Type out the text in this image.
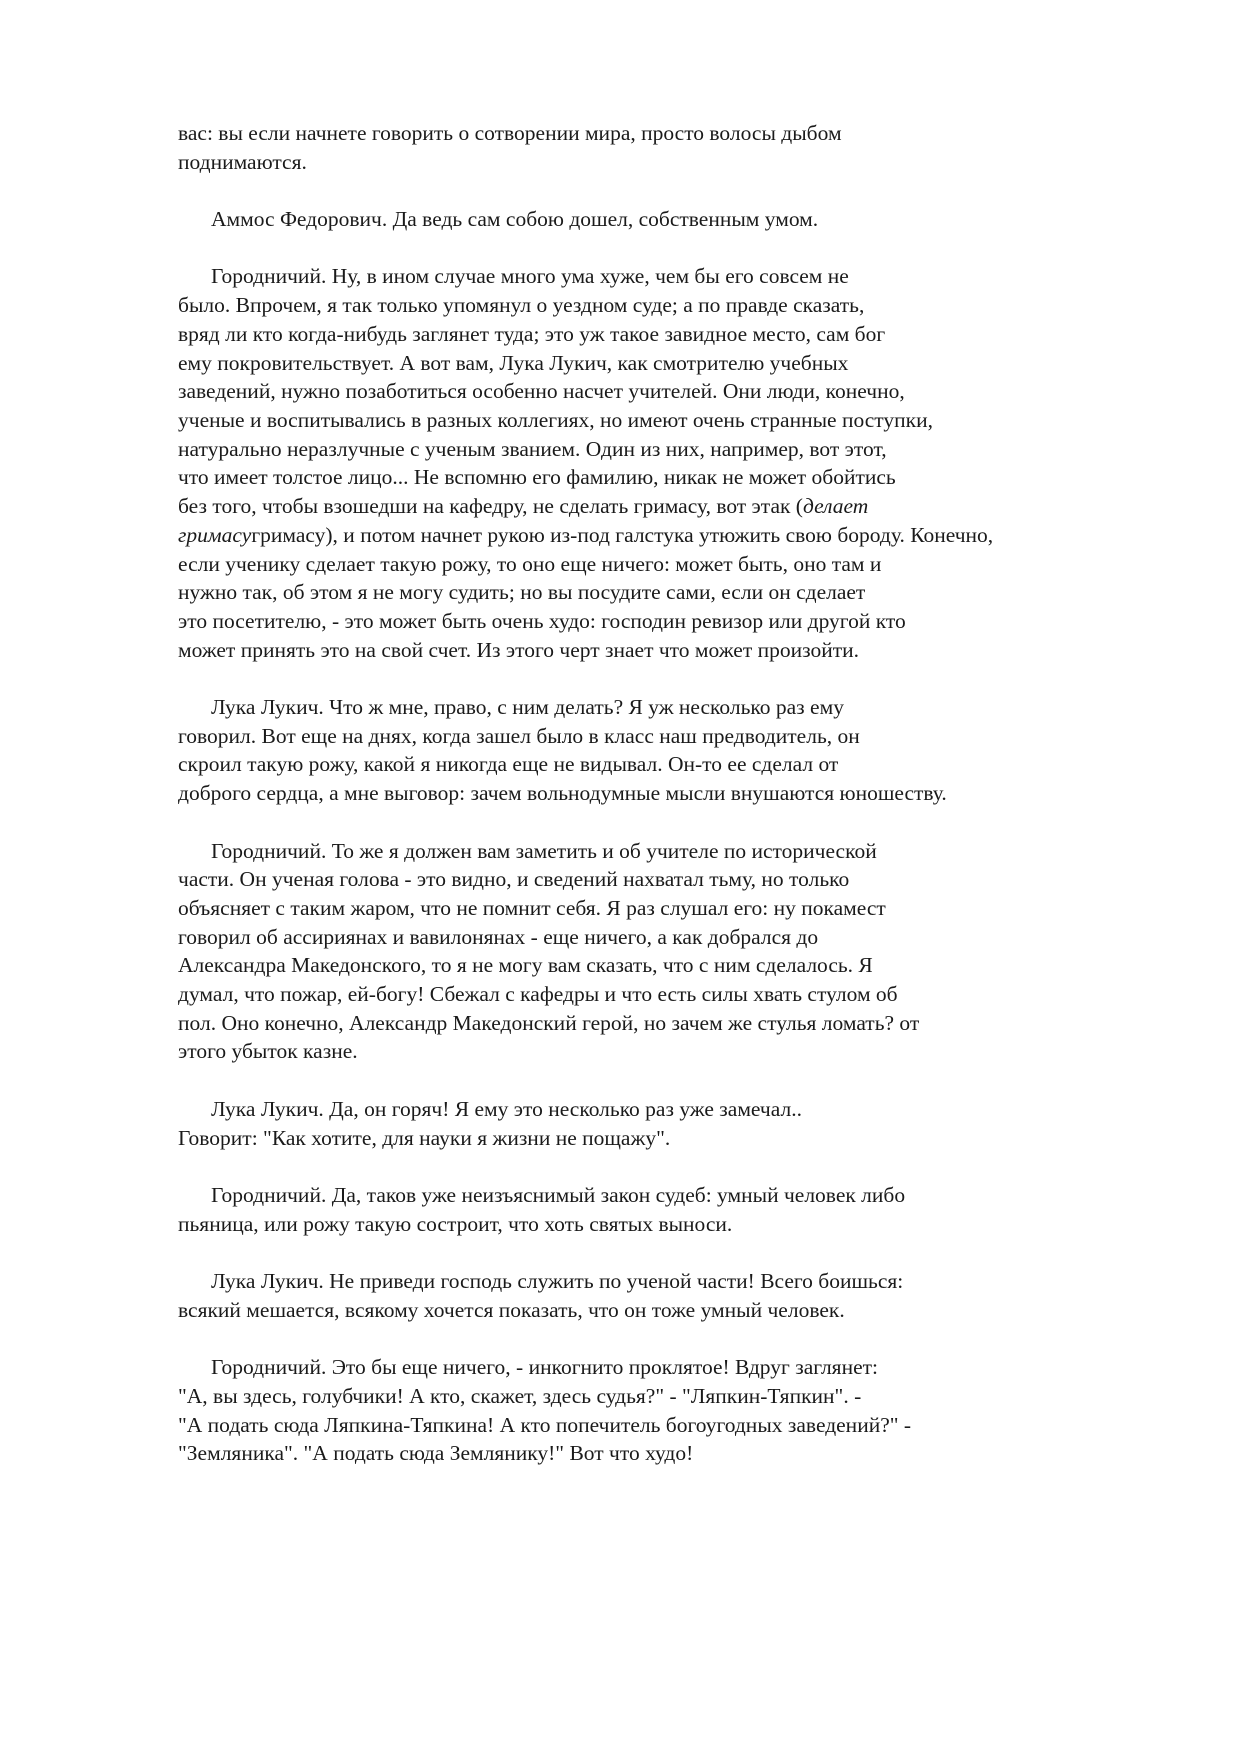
вас: вы если начнете говорить о сотворении мира, просто волосы дыбом
поднимаются.
Аммос Федорович. Да ведь сам собою дошел, собственным умом.
Городничий. Ну, в ином случае много ума хуже, чем бы его совсем не
было. Впрочем, я так только упомянул о уездном суде; а по правде сказать,
вряд ли кто когда-нибудь заглянет туда; это уж такое завидное место, сам бог
ему покровительствует. А вот вам, Лука Лукич, как смотрителю учебных
заведений, нужно позаботиться особенно насчет учителей. Они люди, конечно,
ученые и воспитывались в разных коллегиях, но имеют очень странные поступки,
натурально неразлучные с ученым званием. Один из них, например, вот этот,
что имеет толстое лицо... Не вспомню его фамилию, никак не может обойтись
без того, чтобы взошедши на кафедру, не сделать гримасу, вот этак (делает
гримасугримасу), и потом начнет рукою из-под галстука утюжить свою бороду. Конечно,
если ученику сделает такую рожу, то оно еще ничего: может быть, оно там и
нужно так, об этом я не могу судить; но вы посудите сами, если он сделает
это посетителю, - это может быть очень худо: господин ревизор или другой кто
может принять это на свой счет. Из этого черт знает что может произойти.
Лука Лукич. Что ж мне, право, с ним делать? Я уж несколько раз ему
говорил. Вот еще на днях, когда зашел было в класс наш предводитель, он
скроил такую рожу, какой я никогда еще не видывал. Он-то ее сделал от
доброго сердца, а мне выговор: зачем вольнодумные мысли внушаются юношеству.
Городничий. То же я должен вам заметить и об учителе по исторической
части. Он ученая голова - это видно, и сведений нахватал тьму, но только
объясняет с таким жаром, что не помнит себя. Я раз слушал его: ну покамест
говорил об ассириянах и вавилонянах - еще ничего, а как добрался до
Александра Македонского, то я не могу вам сказать, что с ним сделалось. Я
думал, что пожар, ей-богу! Сбежал с кафедры и что есть силы хвать стулом об
пол. Оно конечно, Александр Македонский герой, но зачем же стулья ломать? от
этого убыток казне.
Лука Лукич. Да, он горяч! Я ему это несколько раз уже замечал..
Говорит: "Как хотите, для науки я жизни не пощажу".
Городничий. Да, таков уже неизъяснимый закон судеб: умный человек либо
пьяница, или рожу такую состроит, что хоть святых выноси.
Лука Лукич. Не приведи господь служить по ученой части! Всего боишься:
всякий мешается, всякому хочется показать, что он тоже умный человек.
Городничий. Это бы еще ничего, - инкогнито проклятое! Вдруг заглянет:
"А, вы здесь, голубчики! А кто, скажет, здесь судья?" - "Ляпкин-Тяпкин". -
"А подать сюда Ляпкина-Тяпкина! А кто попечитель богоугодных заведений?" -
"Земляника". "А подать сюда Землянику!" Вот что худо!
